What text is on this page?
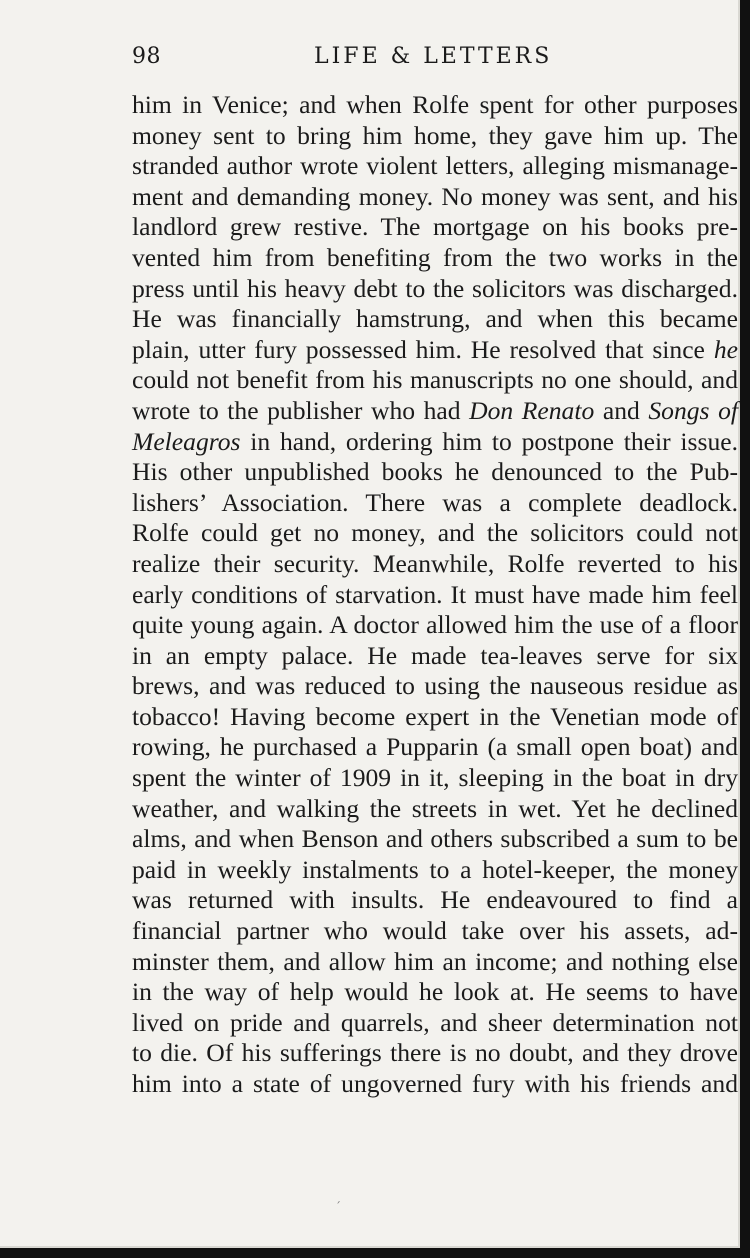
98	LIFE & LETTERS
him in Venice; and when Rolfe spent for other purposes
money sent to bring him home, they gave him up. The
stranded author wrote violent letters, alleging mismanage-
ment and demanding money. No money was sent, and his
landlord grew restive. The mortgage on his books pre-
vented him from benefiting from the two works in the
press until his heavy debt to the solicitors was discharged.
He was financially hamstrung, and when this became
plain, utter fury possessed him. He resolved that since he
could not benefit from his manuscripts no one should, and
wrote to the publisher who had Don Renato and Songs of
Meleagros in hand, ordering him to postpone their issue.
His other unpublished books he denounced to the Pub-
lishers’ Association. There was a complete deadlock.
Rolfe could get no money, and the solicitors could not
realize their security. Meanwhile, Rolfe reverted to his
early conditions of starvation. It must have made him feel
quite young again. A doctor allowed him the use of a floor
in an empty palace. He made tea-leaves serve for six
brews, and was reduced to using the nauseous residue as
tobacco! Having become expert in the Venetian mode of
rowing, he purchased a Pupparin (a small open boat) and
spent the winter of 1909 in it, sleeping in the boat in dry
weather, and walking the streets in wet. Yet he declined
alms, and when Benson and others subscribed a sum to be
paid in weekly instalments to a hotel-keeper, the money
was returned with insults. He endeavoured to find a
financial partner who would take over his assets, ad-
minster them, and allow him an income; and nothing else
in the way of help would he look at. He seems to have
lived on pride and quarrels, and sheer determination not
to die. Of his sufferings there is no doubt, and they drove
him into a state of ungoverned fury with his friends and
ˊ
